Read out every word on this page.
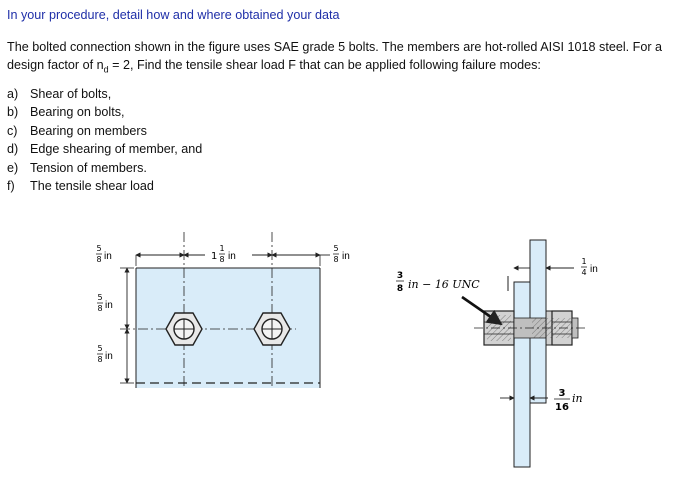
In your procedure, detail how and where obtained your data
The bolted connection shown in the figure uses SAE grade 5 bolts. The members are hot-rolled AISI 1018 steel. For a
design factor of $n_d = 2$, Find the tensile shear load F that can be applied following failure modes:
a) Shear of bolts,
b) Bearing on bolts,
c) Bearing on members
d) Edge shearing of member, and
e) Tension of members.
f) The tensile shear load
5
8 in	1
1
8 in
5
8 in
5
8 in
5
8 in
1
4 in
3
16
in
3
8 in − 16 UNC
